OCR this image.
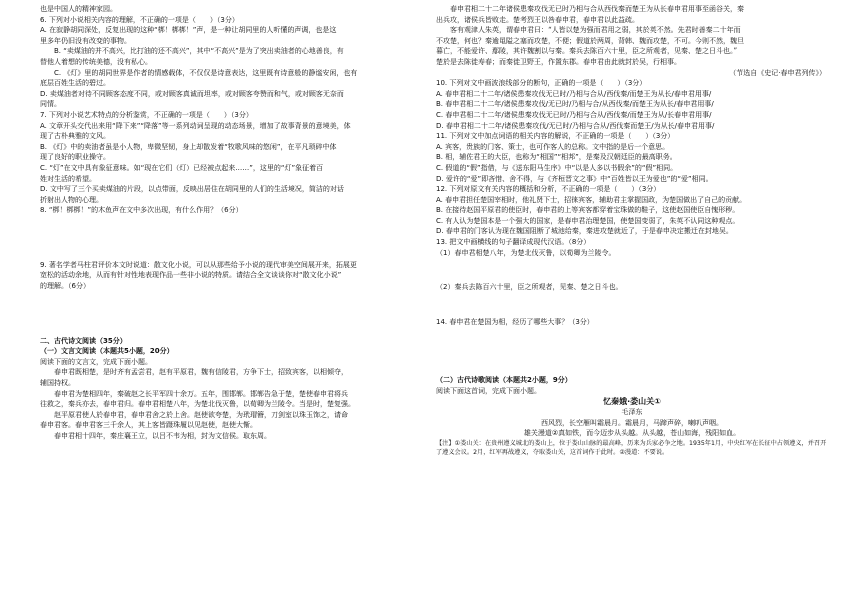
也是中国人的精神家园。

6. 下列对小说相关内容的理解，不正确的一项是（　　）（3分）

A. 在寂静胡同深处，反复出现的这种“梆！梆梆！”声，是一种让胡同里的人听懂的声调，也是这

里多年仍旧没有改变的事物。

B. “卖煤油的并不高兴，比打油的还不高兴”，其中“不高兴”是为了突出卖油者的心地善良，有

替他人着想的传统美德，没有私心。

C. 《灯》里的胡同世界是作者的情感载体，不仅仅是诗意表达，这里既有诗意般的静谧安闲，也有

底层百姓生活的碧过。

D. 卖煤油者对待不同顾客态度不同，或对顾客真诚而坦率，或对顾客夸赞而和气，或对顾客无奈而

同情。

7. 下列对小说艺术特点的分析鉴赏，不正确的一项是（　　）（3分）

A. 文章开头交代出来用“降下来”“降落”等一系列动词呈现的动态场景，增加了故事背景的意境美，体

现了古朴典雅的文风。

B. 《灯》中的卖油者虽是小人物，卑微坚韧，身上却散发着“牧歌风味的悠闲”，在平凡琐碎中体

现了良好的职业操守。

C. “灯”在文中具有象征意味。如“现在它们（灯）已经被点起来……”，这里的“灯”象征着百

姓对生活的希望。

D. 文中写了三个买卖煤油的片段，以点带面，反映出居住在胡同里的人们的生活境况，简洁的对话

折射出人物的心理。

8. “梆！梆梆！”的木鱼声在文中多次出现，有什么作用？（6分）

9. 著名学者马柱君评价本文时说道：散文化小说，可以从那些给予小说的现代审美空间展开来，拓展更

宽松的活动余地，从而有针对性地表现作品一些非小说的特质。请结合全文谈谈你对“散文化小说”

的理解。（6分）

二、古代诗文阅读（35分）

（一）文言文阅读（本题共5小题，20分）

阅读下面的文言文，完成下面小题。

春申君既相楚，是时齐有孟尝君，赵有平原君，魏有信陵君，方争下士，招致宾客，以相倾夺，

辅国持权。

春申君为楚相四年，秦破赵之长平军四十余万。五年，围邯郸。邯郸告急于楚，楚使春申君将兵

往救之，秦兵亦去，春申君归。春申君相楚八年，为楚北伐灭鲁，以荀卿为兰陵令。当是时，楚复强。

赵平原君使人於春申君，春申君舍之於上舍。赵使欲夸楚，为玳瑁簪，刀剑室以珠玉饰之，请命

春申君客。春申君客三千余人，其上客皆蹑珠履以见赵使，赵使大惭。

春申君相十四年，秦庄襄王立，以吕不韦为相，封为文信侯。取东周。

春申君相二十二年诸侯患秦攻伐无已时乃相与合从西伐秦而楚王为从长春申君用事至函谷关，秦

出兵攻，诸侯兵皆败走。楚考烈王以咎春申君，春申君以此益疏。

客有观津人朱英，谓春申君曰：“人皆以楚为强而君用之弱，其於英不然。先君时善秦二十年而

不攻楚，何也？秦逾黾隘之塞而攻楚，不便；假道於两周，背韩、魏而攻楚，不可。今则不然，魏旦

暮亡，不能爱许、鄢陵，其许魏割以与秦。秦兵去陈百六十里，臣之所观者，见秦、楚之日斗也。”

楚於是去陈徙寿春；而秦徙卫野王，作置东郡。春申君由此就封於吴，行相事。

（节选自《史记·春申君列传》）

10. 下列对文中画波浪线部分的断句，正确的一项是（　　）（3分）

A. 春申君相二十二年/诸侯患秦攻伐无已时/乃相与合从/西伐秦/而楚王为从长/春申君用事/

B. 春申君相二十二年/诸侯患秦攻伐/无已时/乃相与合/从西伐秦/而楚王为从长/春申君用事/

C. 春申君相二十二年/诸侯患秦攻伐无已时/乃相与合从/西伐秦/而楚王为从/长春申君用事/

D. 春申君相二十二年/诸侯患秦攻伐/无已时/乃相与合从/西伐秦而楚王/为从长/春申君用事/

11. 下列对文中加点词语的相关内容的解说，不正确的一项是（　　）（3分）

A. 宾客，贵族的门客、策士，也可作客人的总称。文中指的是后一个意思。

B. 相，辅佐君王的大臣，也称为“相国”“相邦”，是秦及汉朝廷臣的最高职务。

C. 假道的“假”指借，与《送东阳马生序》中“以是人多以书假余”的“假”相同。

D. 爱许的“爱”即吝惜、舍不得，与《齐桓晋文之事》中“百姓皆以王为爱也”的“爱”相同。

12. 下列对原文有关内容的概括和分析，不正确的一项是（　　）（3分）

A. 春申君担任楚国宰相时，他礼贤下士，招徕宾客，辅助君主掌握国政，为楚国做出了自己的贡献。

B. 在接待赵国平原君的使臣时，春申君的上等宾客都穿着宝珠做的鞋子，这使赵国使臣自愧形秽。

C. 有人认为楚国本是一个强大的国家，是春申君治理楚国，使楚国变弱了，朱英不认同这种观点。

D. 春申君的门客认为现在魏国阻断了城池给秦，秦进攻楚就近了，于是春申决定搬迁在封地吴。

13. 把文中画横线的句子翻译成现代汉语。（8分）

（1）春申君相楚八年，为楚北伐灭鲁，以荀卿为兰陵令。

（2）秦兵去陈百六十里，臣之所观者，见秦、楚之日斗也。

14. 春申君在楚国为相，经历了哪些大事？（3分）

（二）古代诗歌阅读（本题共2小题，9分）

阅读下面这首词，完成下面小题。

忆秦娥·娄山关①

毛泽东

西风烈，长空雁叫霜晨月。霜晨月，马蹄声碎，喇叭声咽。

雄关漫道②真如铁，而今迈步从头越。从头越，苍山如海，残阳如血。

【注】①娄山关：在贵州遵义城北的娄山上，位于娄山山脉的最高峰，历来为兵家必争之地。1935年1月，中央红军在长征中占领遵义，并召开了遵义会议。2月，红军再战遵义，夺取娄山关，这首词作于此时。②漫道：不要说。
